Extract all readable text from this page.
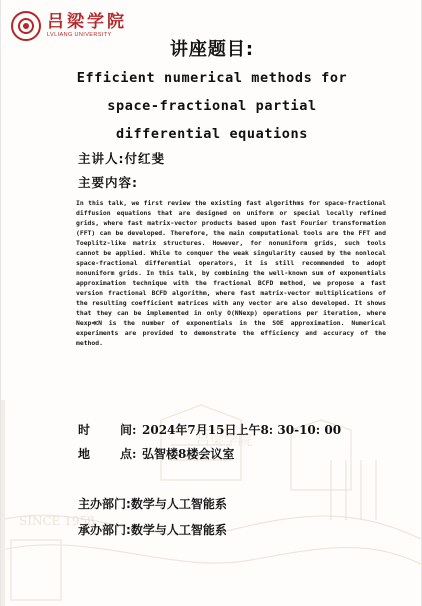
SINCE 1958
吕梁学院
吕梁学院
LVLIANG UNIVERSITY
讲座题目:
Efficient numerical methods for
space-fractional partial
differential equations
主讲人:付红斐
主要内容:
In this talk, we first review the existing fast algorithms for space-fractional diffusion equations that are designed on uniform or special locally refined grids, where fast matrix-vector products based upon fast Fourier transformation (FFT) can be developed. Therefore, the main computational tools are the FFT and Toeplitz-like matrix structures. However, for nonuniform grids, such tools cannot be applied. While to conquer the weak singularity caused by the nonlocal space-fractional differential operators, it is still recommended to adopt nonuniform grids. In this talk, by combining the well-known sum of exponentials approximation technique with the fractional BCFD method, we propose a fast version fractional BCFD algorithm, where fast matrix-vector multiplications of the resulting coefficient matrices with any vector are also developed. It shows that they can be implemented in only O(NNexp) operations per iteration, where Nexp≪N is the number of exponentials in the SOE approximation. Numerical experiments are provided to demonstrate the efficiency and accuracy of the method.
时	间: 2024年7月15日上午8: 30-10: 00
地	点: 弘智楼8楼会议室
主办部门:数学与人工智能系
承办部门:数学与人工智能系
